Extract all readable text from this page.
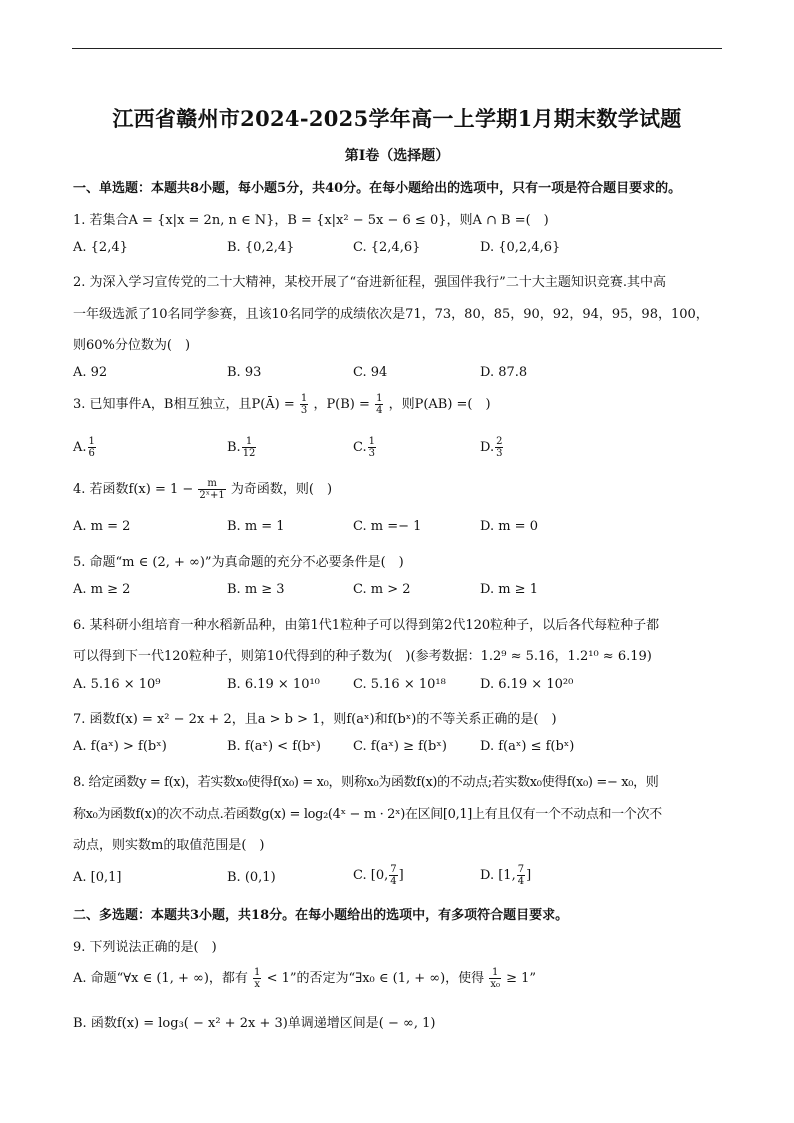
江西省赣州市2024-2025学年高一上学期1月期末数学试题
第I卷（选择题）
一、单选题：本题共8小题，每小题5分，共40分。在每小题给出的选项中，只有一项是符合题目要求的。
1. 若集合A = {x|x = 2n, n ∈ N}，B = {x|x² − 5x − 6 ≤ 0}，则A ∩ B =(　)
A. {2,4}	B. {0,2,4}	C. {2,4,6}	D. {0,2,4,6}
2. 为深入学习宣传党的二十大精神，某校开展了“奋进新征程，强国伴我行”二十大主题知识竞赛.其中高
一年级选派了10名同学参赛，且该10名同学的成绩依次是71，73，80，85，90，92，94，95，98，100，
则60%分位数为(　)
A. 92	B. 93	C. 94	D. 87.8
3. 已知事件A，B相互独立，且P(Ā) = $\frac{1}{3}$ ，$P(B) = \frac{1}{4}$ ，则P(AB) =(　)
A. $\frac{1}{6}$	B. $\frac{1}{12}$	C. $\frac{1}{3}$	D. $\frac{2}{3}$
4. 若函数$f(x) = 1 - \frac{m}{\text{2ˣ+1}}$ 为奇函数，则(　)
A. m = 2	B. m = 1	C. m =− 1	D. m = 0
5. 命题“m ∈ (2, + ∞)”为真命题的充分不必要条件是(　)
A. m ≥ 2	B. m ≥ 3	C. m > 2	D. m ≥ 1
6. 某科研小组培育一种水稻新品种，由第1代1粒种子可以得到第2代120粒种子，以后各代每粒种子都
可以得到下一代120粒种子，则第10代得到的种子数为(　)(参考数据：1.2⁹ ≈ 5.16，1.2¹⁰ ≈ 6.19)
A. 5.16 × 10⁹	B. 6.19 × 10¹⁰	C. 5.16 × 10¹⁸	D. 6.19 × 10²⁰
7. 函数f(x) = x² − 2x + 2，且a > b > 1，则f(aˣ)和f(bˣ)的不等关系正确的是(　)
A. f(aˣ) > f(bˣ)	B. f(aˣ) < f(bˣ) C. f(aˣ) ≥ f(bˣ)	D. f(aˣ) ≤ f(bˣ)
8. 给定函数y = f(x)，若实数x₀使得f(x₀) = x₀，则称x₀为函数f(x)的不动点;若实数x₀使得f(x₀) =− x₀，则
称x₀为函数f(x)的次不动点.若函数g(x) = log₂(4ˣ − m · 2ˣ)在区间[0,1]上有且仅有一个不动点和一个次不
动点，则实数m的取值范围是(　)
A. [0,1]	B. (0,1)	C. [0, $\frac{7}{4}$ ]	D. [1, $\frac{7}{4}$ ]
二、多选题：本题共3小题，共18分。在每小题给出的选项中，有多项符合题目要求。
9. 下列说法正确的是(　)
A. 命题“∀x ∈ (1, + ∞)，都有 $\frac{1}{x} < 1$”的否定为“∃x₀ ∈ (1, + ∞)，使得 $\frac{1}{\text{x₀}} \ge 1$”
B. 函数f(x) = log₃( − x² + 2x + 3)单调递增区间是( − ∞, 1)
